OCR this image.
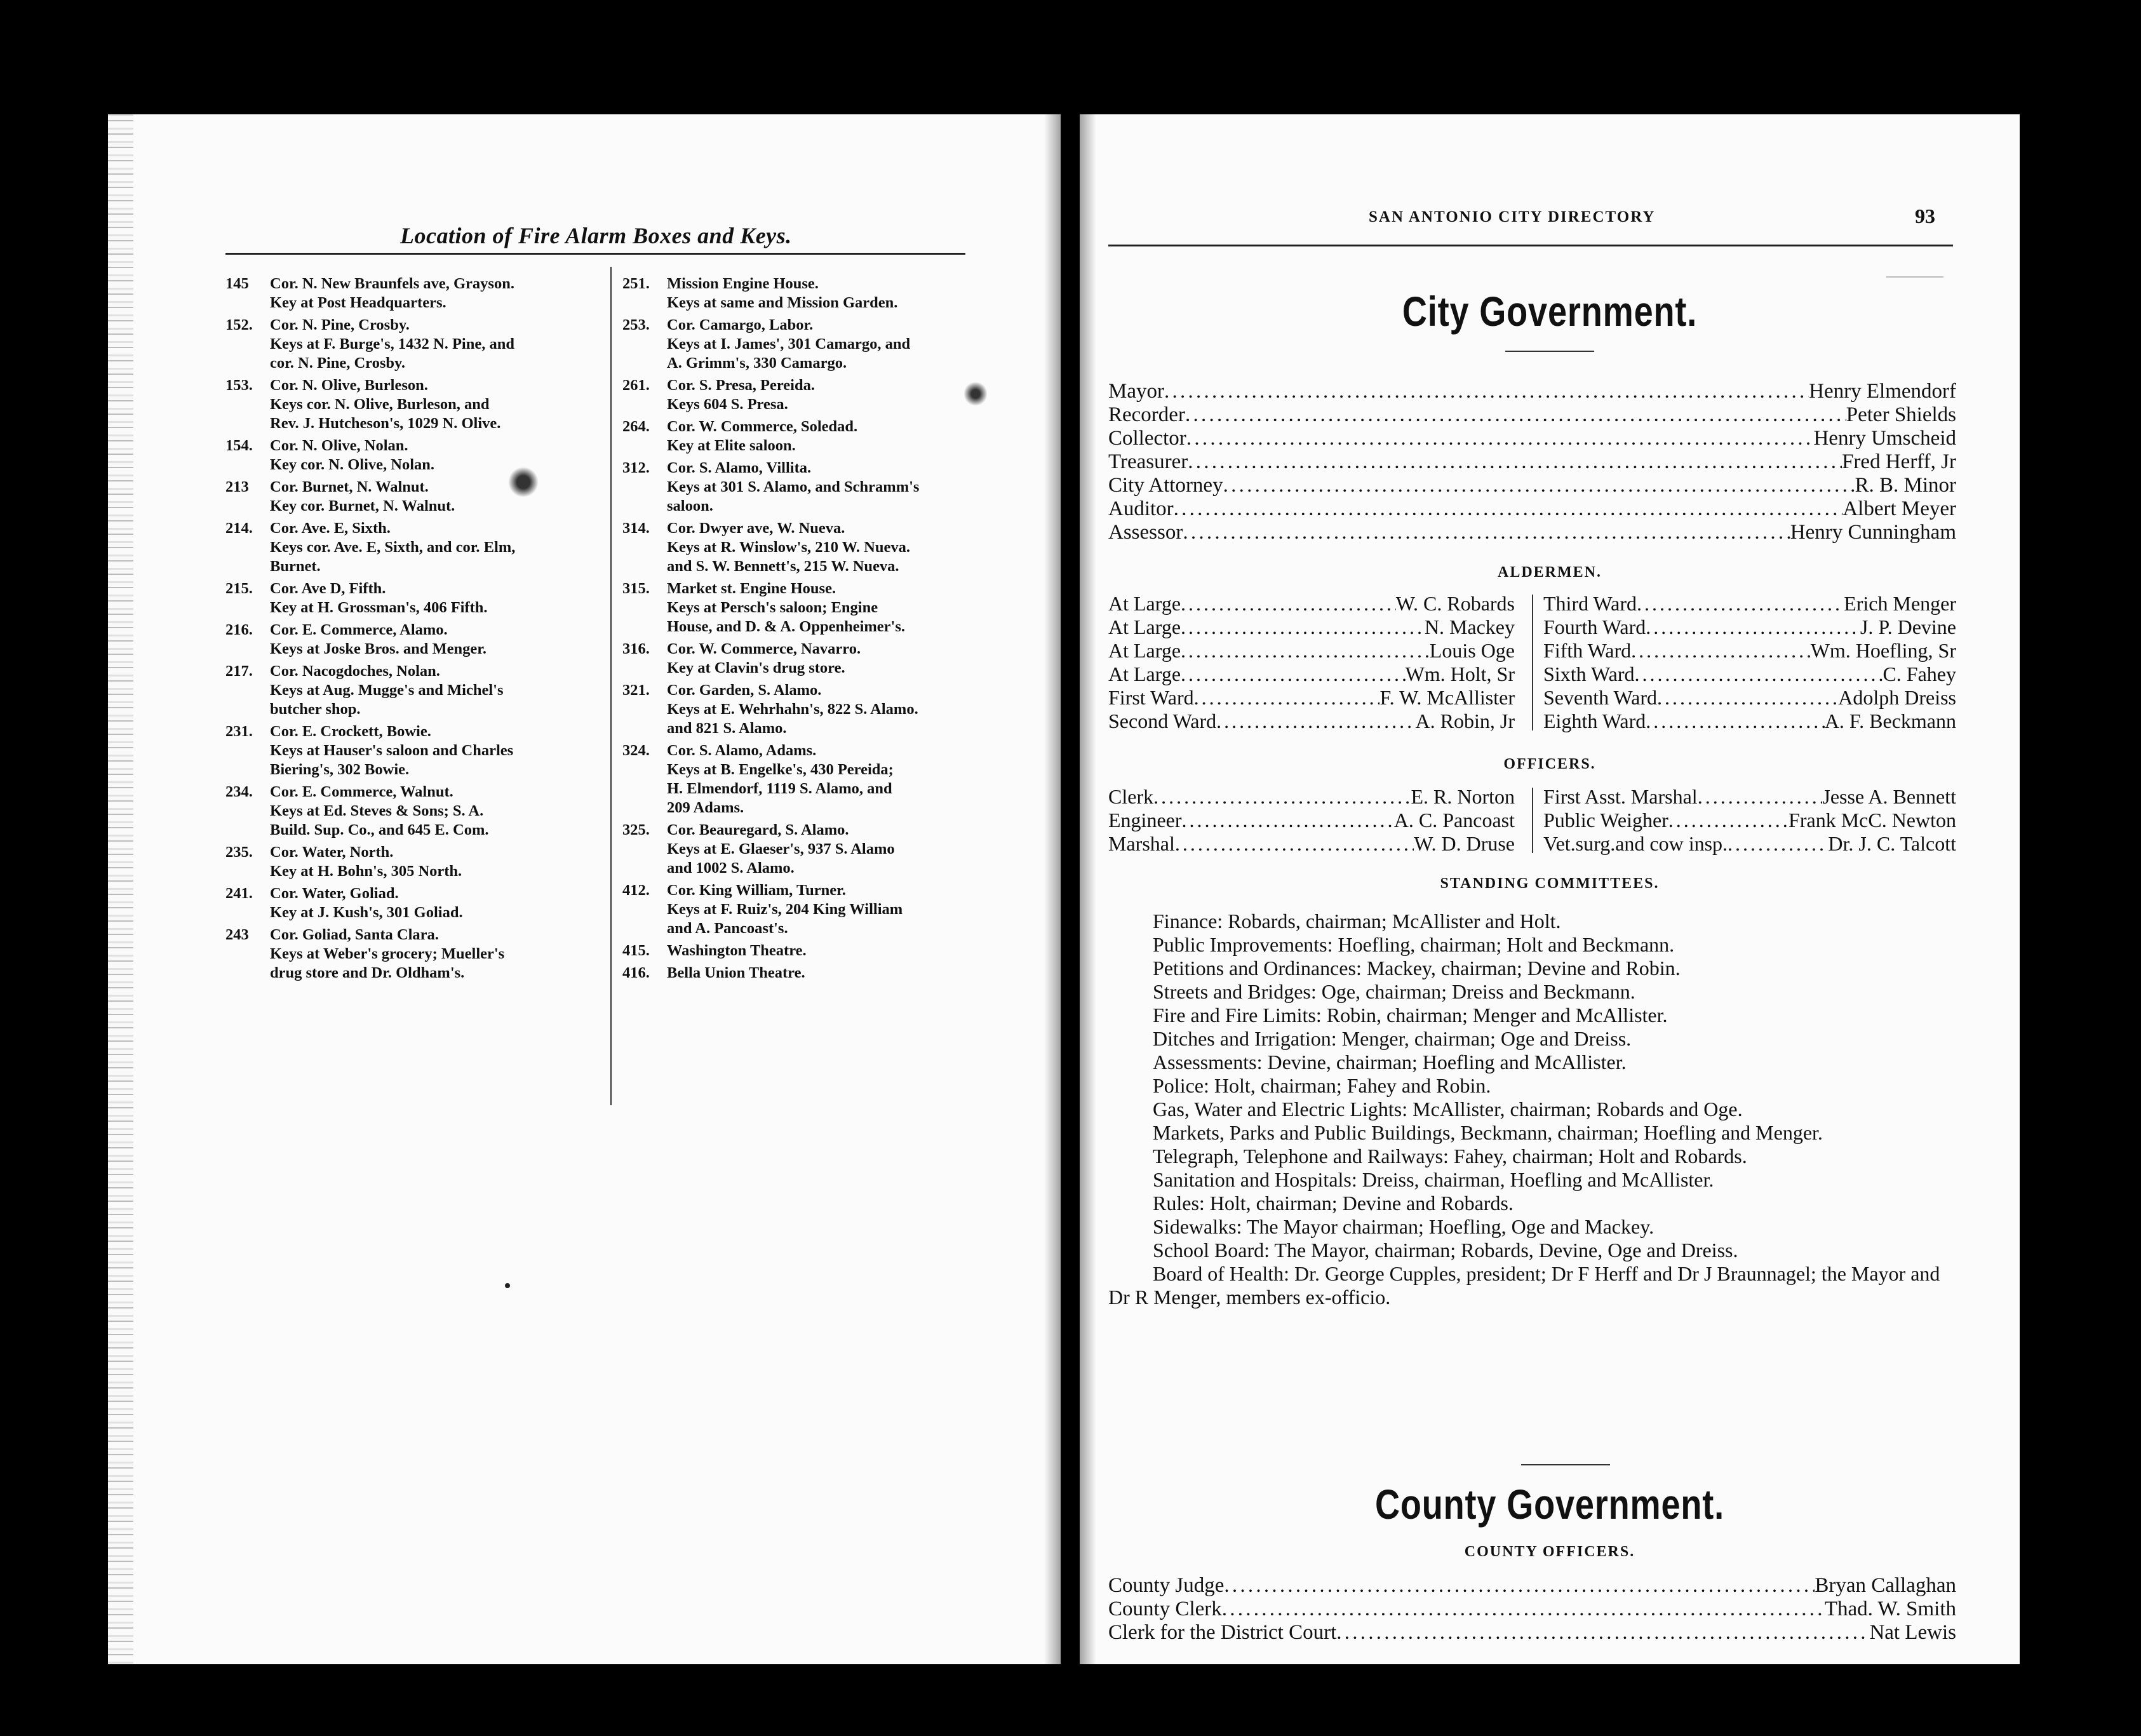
Location of Fire Alarm Boxes and Keys.
145 Cor. N. New Braunfels ave, Grayson.
Key at Post Headquarters.
152. Cor. N. Pine, Crosby.
Keys at F. Burge's, 1432 N. Pine, and
cor. N. Pine, Crosby.
153. Cor. N. Olive, Burleson.
Keys cor. N. Olive, Burleson, and
Rev. J. Hutcheson's, 1029 N. Olive.
154. Cor. N. Olive, Nolan.
Key cor. N. Olive, Nolan.
213 Cor. Burnet, N. Walnut.
Key cor. Burnet, N. Walnut.
214. Cor. Ave. E, Sixth.
Keys cor. Ave. E, Sixth, and cor. Elm,
Burnet.
215. Cor. Ave D, Fifth.
Key at H. Grossman's, 406 Fifth.
216. Cor. E. Commerce, Alamo.
Keys at Joske Bros. and Menger.
217. Cor. Nacogdoches, Nolan.
Keys at Aug. Mugge's and Michel's
butcher shop.
231. Cor. E. Crockett, Bowie.
Keys at Hauser's saloon and Charles
Biering's, 302 Bowie.
234. Cor. E. Commerce, Walnut.
Keys at Ed. Steves & Sons; S. A.
Build. Sup. Co., and 645 E. Com.
235. Cor. Water, North.
Key at H. Bohn's, 305 North.
241. Cor. Water, Goliad.
Key at J. Kush's, 301 Goliad.
243 Cor. Goliad, Santa Clara.
Keys at Weber's grocery; Mueller's
drug store and Dr. Oldham's.
251. Mission Engine House.
Keys at same and Mission Garden.
253. Cor. Camargo, Labor.
Keys at I. James', 301 Camargo, and
A. Grimm's, 330 Camargo.
261. Cor. S. Presa, Pereida.
Keys 604 S. Presa.
264. Cor. W. Commerce, Soledad.
Key at Elite saloon.
312. Cor. S. Alamo, Villita.
Keys at 301 S. Alamo, and Schramm's
saloon.
314. Cor. Dwyer ave, W. Nueva.
Keys at R. Winslow's, 210 W. Nueva.
and S. W. Bennett's, 215 W. Nueva.
315. Market st. Engine House.
Keys at Persch's saloon; Engine
House, and D. & A. Oppenheimer's.
316. Cor. W. Commerce, Navarro.
Key at Clavin's drug store.
321. Cor. Garden, S. Alamo.
Keys at E. Wehrhahn's, 822 S. Alamo.
and 821 S. Alamo.
324. Cor. S. Alamo, Adams.
Keys at B. Engelke's, 430 Pereida;
H. Elmendorf, 1119 S. Alamo, and
209 Adams.
325. Cor. Beauregard, S. Alamo.
Keys at E. Glaeser's, 937 S. Alamo
and 1002 S. Alamo.
412. Cor. King William, Turner.
Keys at F. Ruiz's, 204 King William
and A. Pancoast's.
415. Washington Theatre.
416. Bella Union Theatre.
SAN ANTONIO CITY DIRECTORY	93
City Government.
Mayor . . .	Henry Elmendorf
Recorder . . .	Peter Shields
Collector . . .	Henry Umscheid
Treasurer . . .	Fred Herff, Jr
City Attorney . . .	R. B. Minor
Auditor . . .	Albert Meyer
Assessor . . .	Henry Cunningham
ALDERMEN.
At Large . . .	W. C. Robards
At Large . . .	N. Mackey
At Large . . .	Louis Oge
At Large . . .	Wm. Holt, Sr
First Ward . . .	F. W. McAllister
Second Ward . . .	A. Robin, Jr
Third Ward . . .	Erich Menger
Fourth Ward . . .	J. P. Devine
Fifth Ward . . .	Wm. Hoefling, Sr
Sixth Ward . . .	C. Fahey
Seventh Ward . . .	Adolph Dreiss
Eighth Ward . . .	A. F. Beckmann
OFFICERS.
Clerk . . .	E. R. Norton
Engineer . . .	A. C. Pancoast
Marshal . . .	W. D. Druse
First Asst. Marshal . . .	Jesse A. Bennett
Public Weigher . . .	Frank McC. Newton
Vet.surg.and cow insp. . . .	Dr. J. C. Talcott
STANDING COMMITTEES.
Finance: Robards, chairman; McAllister and Holt.
Public Improvements: Hoefling, chairman; Holt and Beckmann.
Petitions and Ordinances: Mackey, chairman; Devine and Robin.
Streets and Bridges: Oge, chairman; Dreiss and Beckmann.
Fire and Fire Limits: Robin, chairman; Menger and McAllister.
Ditches and Irrigation: Menger, chairman; Oge and Dreiss.
Assessments: Devine, chairman; Hoefling and McAllister.
Police: Holt, chairman; Fahey and Robin.
Gas, Water and Electric Lights: McAllister, chairman; Robards and Oge.
Markets, Parks and Public Buildings, Beckmann, chairman; Hoefling and Menger.
Telegraph, Telephone and Railways: Fahey, chairman; Holt and Robards.
Sanitation and Hospitals: Dreiss, chairman, Hoefling and McAllister.
Rules: Holt, chairman; Devine and Robards.
Sidewalks: The Mayor chairman; Hoefling, Oge and Mackey.
School Board: The Mayor, chairman; Robards, Devine, Oge and Dreiss.
Board of Health: Dr. George Cupples, president; Dr F Herff and Dr J Braunnagel; the Mayor and Dr R Menger, members ex-officio.
County Government.
COUNTY OFFICERS.
County Judge . . .	Bryan Callaghan
County Clerk . . .	Thad. W. Smith
Clerk for the District Court . . .	Nat Lewis
